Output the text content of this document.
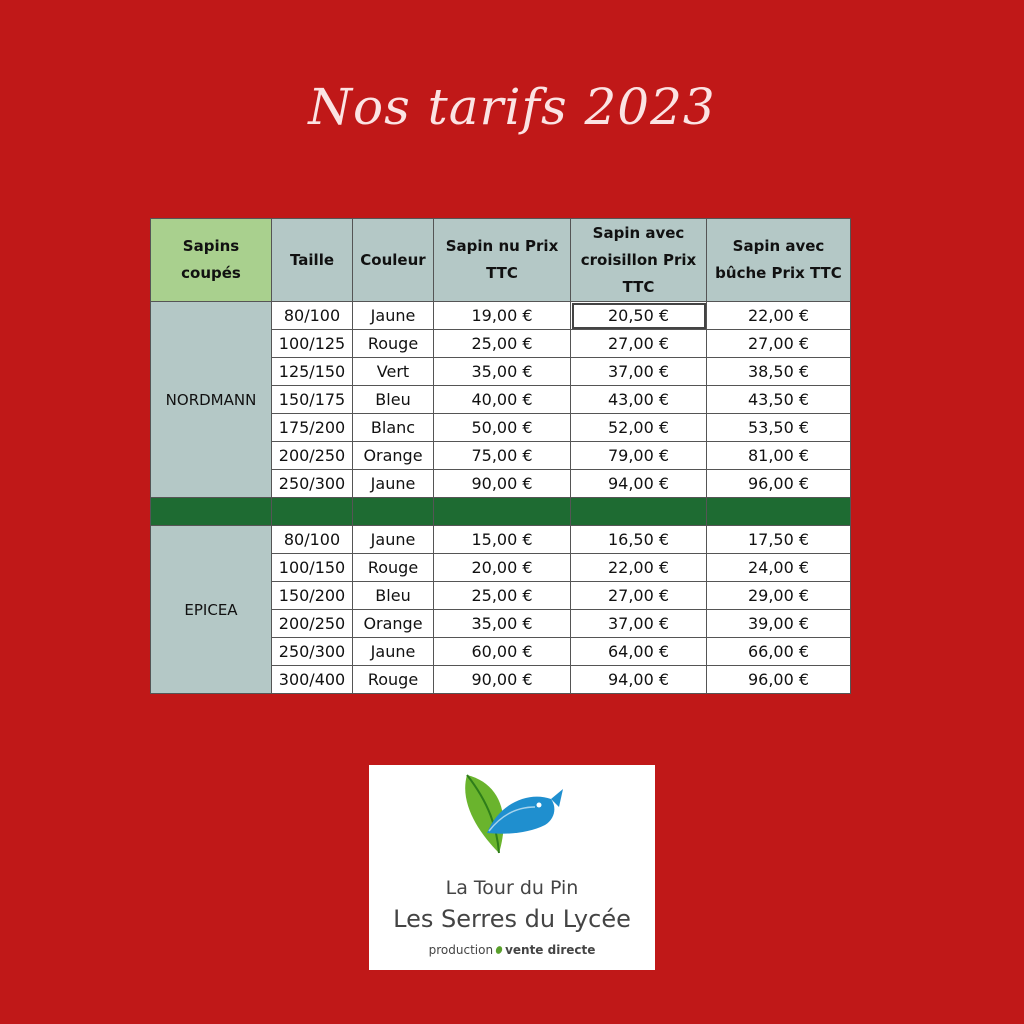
Nos tarifs 2023
Sapins coupés	Taille	Couleur	Sapin nu Prix TTC	Sapin avec croisillon Prix TTC	Sapin avec bûche Prix TTC
NORDMANN	80/100	Jaune	19,00 €	20,50 €	22,00 €
	100/125	Rouge	25,00 €	27,00 €	27,00 €
	125/150	Vert	35,00 €	37,00 €	38,50 €
	150/175	Bleu	40,00 €	43,00 €	43,50 €
	175/200	Blanc	50,00 €	52,00 €	53,50 €
	200/250	Orange	75,00 €	79,00 €	81,00 €
	250/300	Jaune	90,00 €	94,00 €	96,00 €

EPICEA	80/100	Jaune	15,00 €	16,50 €	17,50 €
	100/150	Rouge	20,00 €	22,00 €	24,00 €
	150/200	Bleu	25,00 €	27,00 €	29,00 €
	200/250	Orange	35,00 €	37,00 €	39,00 €
	250/300	Jaune	60,00 €	64,00 €	66,00 €
	300/400	Rouge	90,00 €	94,00 €	96,00 €
La Tour du Pin
Les Serres du Lycée
production vente directe
